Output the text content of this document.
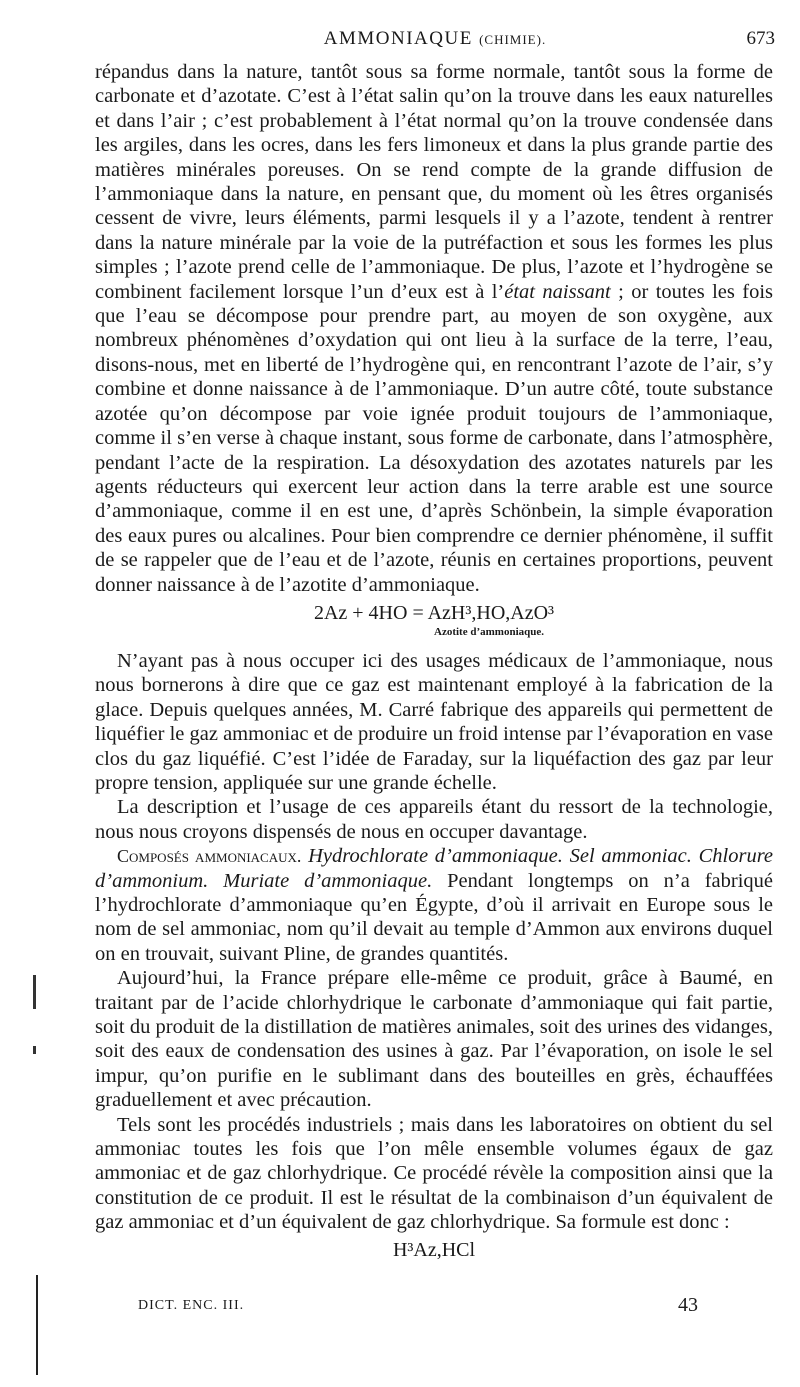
AMMONIAQUE (CHIMIE).	673

répandus dans la nature, tantôt sous sa forme normale, tantôt sous la forme de carbonate et d’azotate. C’est à l’état salin qu’on la trouve dans les eaux naturelles et dans l’air ; c’est probablement à l’état normal qu’on la trouve condensée dans les argiles, dans les ocres, dans les fers limoneux et dans la plus grande partie des matières minérales poreuses. On se rend compte de la grande diffusion de l’ammoniaque dans la nature, en pensant que, du moment où les êtres organisés cessent de vivre, leurs éléments, parmi lesquels il y a l’azote, tendent à rentrer dans la nature minérale par la voie de la putréfaction et sous les formes les plus simples ; l’azote prend celle de l’ammoniaque. De plus, l’azote et l’hydrogène se combinent facilement lorsque l’un d’eux est à l’état naissant ; or toutes les fois que l’eau se décompose pour prendre part, au moyen de son oxygène, aux nombreux phénomènes d’oxydation qui ont lieu à la surface de la terre, l’eau, disons-nous, met en liberté de l’hydrogène qui, en rencontrant l’azote de l’air, s’y combine et donne naissance à de l’ammoniaque. D’un autre côté, toute substance azotée qu’on décompose par voie ignée produit toujours de l’ammoniaque, comme il s’en verse à chaque instant, sous forme de carbonate, dans l’atmosphère, pendant l’acte de la respiration. La désoxydation des azotates naturels par les agents réducteurs qui exercent leur action dans la terre arable est une source d’ammoniaque, comme il en est une, d’après Schönbein, la simple évaporation des eaux pures ou alcalines. Pour bien comprendre ce dernier phénomène, il suffit de se rappeler que de l’eau et de l’azote, réunis en certaines proportions, peuvent donner naissance à de l’azotite d’ammoniaque.

2Az + 4HO = AzH³,HO,AzO³
Azotite d’ammoniaque.

N’ayant pas à nous occuper ici des usages médicaux de l’ammoniaque, nous nous bornerons à dire que ce gaz est maintenant employé à la fabrication de la glace. Depuis quelques années, M. Carré fabrique des appareils qui permettent de liquéfier le gaz ammoniac et de produire un froid intense par l’évaporation en vase clos du gaz liquéfié. C’est l’idée de Faraday, sur la liquéfaction des gaz par leur propre tension, appliquée sur une grande échelle.

La description et l’usage de ces appareils étant du ressort de la technologie, nous nous croyons dispensés de nous en occuper davantage.

Composés ammoniacaux. Hydrochlorate d’ammoniaque. Sel ammoniac. Chlorure d’ammonium. Muriate d’ammoniaque. Pendant longtemps on n’a fabriqué l’hydrochlorate d’ammoniaque qu’en Égypte, d’où il arrivait en Europe sous le nom de sel ammoniac, nom qu’il devait au temple d’Ammon aux environs duquel on en trouvait, suivant Pline, de grandes quantités.

Aujourd’hui, la France prépare elle-même ce produit, grâce à Baumé, en traitant par de l’acide chlorhydrique le carbonate d’ammoniaque qui fait partie, soit du produit de la distillation de matières animales, soit des urines des vidanges, soit des eaux de condensation des usines à gaz. Par l’évaporation, on isole le sel impur, qu’on purifie en le sublimant dans des bouteilles en grès, échauffées graduellement et avec précaution.

Tels sont les procédés industriels ; mais dans les laboratoires on obtient du sel ammoniac toutes les fois que l’on mêle ensemble volumes égaux de gaz ammoniac et de gaz chlorhydrique. Ce procédé révèle la composition ainsi que la constitution de ce produit. Il est le résultat de la combinaison d’un équivalent de gaz ammoniac et d’un équivalent de gaz chlorhydrique. Sa formule est donc :

H³Az,HCl
DICT. ENC. III.	43
